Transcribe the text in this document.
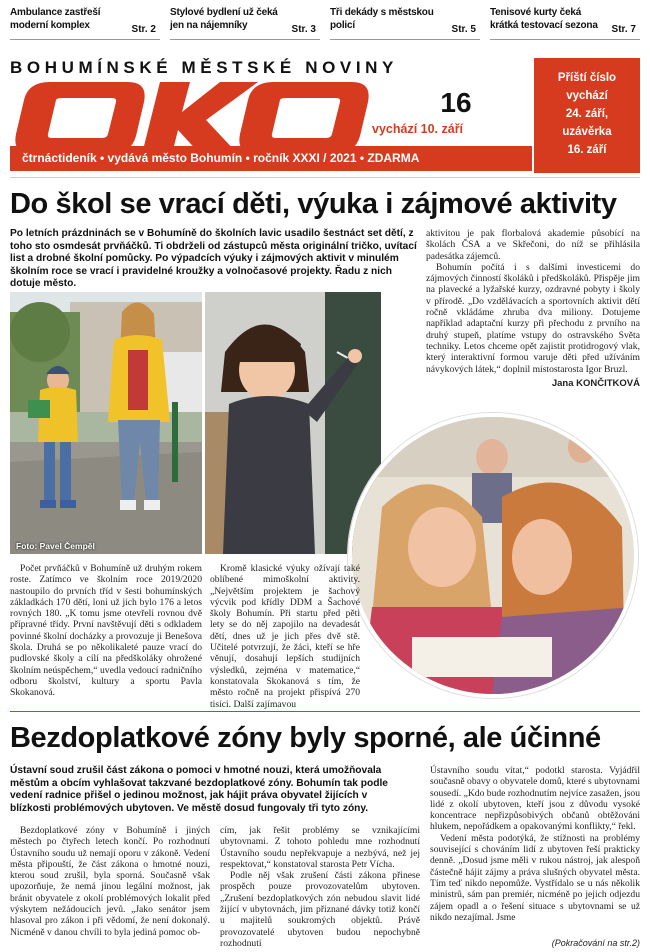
Ambulance zastřeší moderní komplex	Str. 2
Stylové bydlení už čeká jen na nájemníky	Str. 3
Tři dekády s městskou policí	Str. 5
Tenisové kurty čeká krátká testovací sezona Str. 7
BOHUMÍNSKÉ MĚSTSKÉ NOVINY
16
vychází 10. září
čtrnáctideník • vydává město Bohumín • ročník XXXI / 2021 • ZDARMA
Příští číslo
vychází
24. září,
uzávěrka
16. září
Do škol se vrací děti, výuka i zájmové aktivity
Po letních prázdninách se v Bohumíně do školních lavic usadilo šestnáct set dětí, z toho sto osmdesát prvňáčků. Ti obdrželi od zástupců města originální tričko, uvítací list a drobné školní pomůcky. Po výpadcích výuky i zájmových aktivit v minulém školním roce se vrací i pravidelné kroužky a volnočasové projekty. Řadu z nich dotuje město.

aktivitou je pak florbalová akademie působící na školách ČSA a ve Skřečoni, do níž se přihlásila padesátka zájemců.

Bohumín počítá i s dalšími investicemi do zájmových činností školáků i předškoláků. Přispěje jim na plavecké a lyžařské kurzy, ozdravné pobyty i školy v přírodě. „Do vzdělávacích a sportovních aktivit dětí ročně vkládáme zhruba dva miliony. Dotujeme například adaptační kurzy při přechodu z prvního na druhý stupeň, platíme vstupy do ostravského Světa techniky. Letos chceme opět zajistit protidrogový vlak, který interaktivní formou varuje děti před užíváním návykových látek,“ doplnil místostarosta Igor Bruzl.

Jana KONČITKOVÁ
Foto: Pavel Čempěl

Počet prvňáčků v Bohumíně už druhým rokem roste. Zatímco ve školním roce 2019/2020 nastoupilo do prvních tříd v šesti bohumínských základkách 170 dětí, loni už jich bylo 176 a letos rovných 180. „K tomu jsme otevřeli rovnou dvě přípravné třídy. První navštěvují děti s odkladem povinné školní docházky a provozuje ji Benešova škola. Druhá se po několikaleté pauze vrací do pudlovské školy a cílí na předškoláky ohrožené školním neúspěchem,“ uvedla vedoucí radničního odboru školství, kultury a sportu Pavla Skokanová.

Kromě klasické výuky ožívají také oblíbené mimoškolní aktivity. „Největším projektem je šachový výcvik pod křídly DDM a Šachové školy Bohumín. Při startu před pěti lety se do něj zapojilo na devadesát dětí, dnes už je jich přes dvě stě. Učitelé potvrzují, že žáci, kteří se hře věnují, dosahují lepších studijních výsledků, zejména v matematice,“ konstatovala Skokanová s tím, že město ročně na projekt přispívá 270 tisíci. Další zajímavou

Bezdoplatkové zóny byly sporné, ale účinné
Ústavní soud zrušil část zákona o pomoci v hmotné nouzi, která umožňovala městům a obcím vyhlašovat takzvané bezdoplatkové zóny. Bohumín tak podle vedení radnice přišel o jedinou možnost, jak hájit práva obyvatel žijících v blízkosti problémových ubytoven. Ve městě dosud fungovaly tři tyto zóny.

Bezdoplatkové zóny v Bohumíně i jiných městech po čtyřech letech končí. Po rozhodnutí Ústavního soudu už nemají oporu v zákoně. Vedení města připouští, že část zákona o hmotné nouzi, kterou soud zrušil, byla sporná. Současně však upozorňuje, že nemá jinou legální možnost, jak bránit obyvatele z okolí problémových lokalit před výskytem nežádoucích jevů. „Jako senátor jsem hlasoval pro zákon i při vědomí, že není dokonalý. Nicméně v danou chvíli to byla jediná pomoc ob-

cím, jak řešit problémy se vznikajícími ubytovnami. Z tohoto pohledu mne rozhodnutí Ústavního soudu nepřekvapuje a nezbývá, než jej respektovat,“ konstatoval starosta Petr Vícha.

Podle něj však zrušení části zákona přinese prospěch pouze provozovatelům ubytoven. „Zrušení bezdoplatkových zón nebudou slavit lidé žijící v ubytovnách, jim přiznané dávky totiž končí u majitelů soukromých objektů. Právě provozovatelé ubytoven budou nepochybně rozhodnutí

Ústavního soudu vítat,“ podotkl starosta. Vyjádřil současně obavy o obyvatele domů, které s ubytovnami sousedí. „Kdo bude rozhodnutím nejvíce zasažen, jsou lidé z okolí ubytoven, kteří jsou z důvodu vysoké koncentrace nepřizpůsobivých občanů obtěžováni hlukem, nepořádkem a opakovanými konflikty,“ řekl.

Vedení města podotýká, že stížnosti na problémy související s chováním lidí z ubytoven řeší prakticky denně. „Dosud jsme měli v rukou nástroj, jak alespoň částečně hájit zájmy a práva slušných obyvatel města. Tím teď nikdo nepomůže. Vystřídalo se u nás několik ministrů, sám pan premiér, nicméně po jejich odjezdu zájem opadl a o řešení situace s ubytovnami se už nikdo nezajímal. Jsme

(Pokračování na str.2)
